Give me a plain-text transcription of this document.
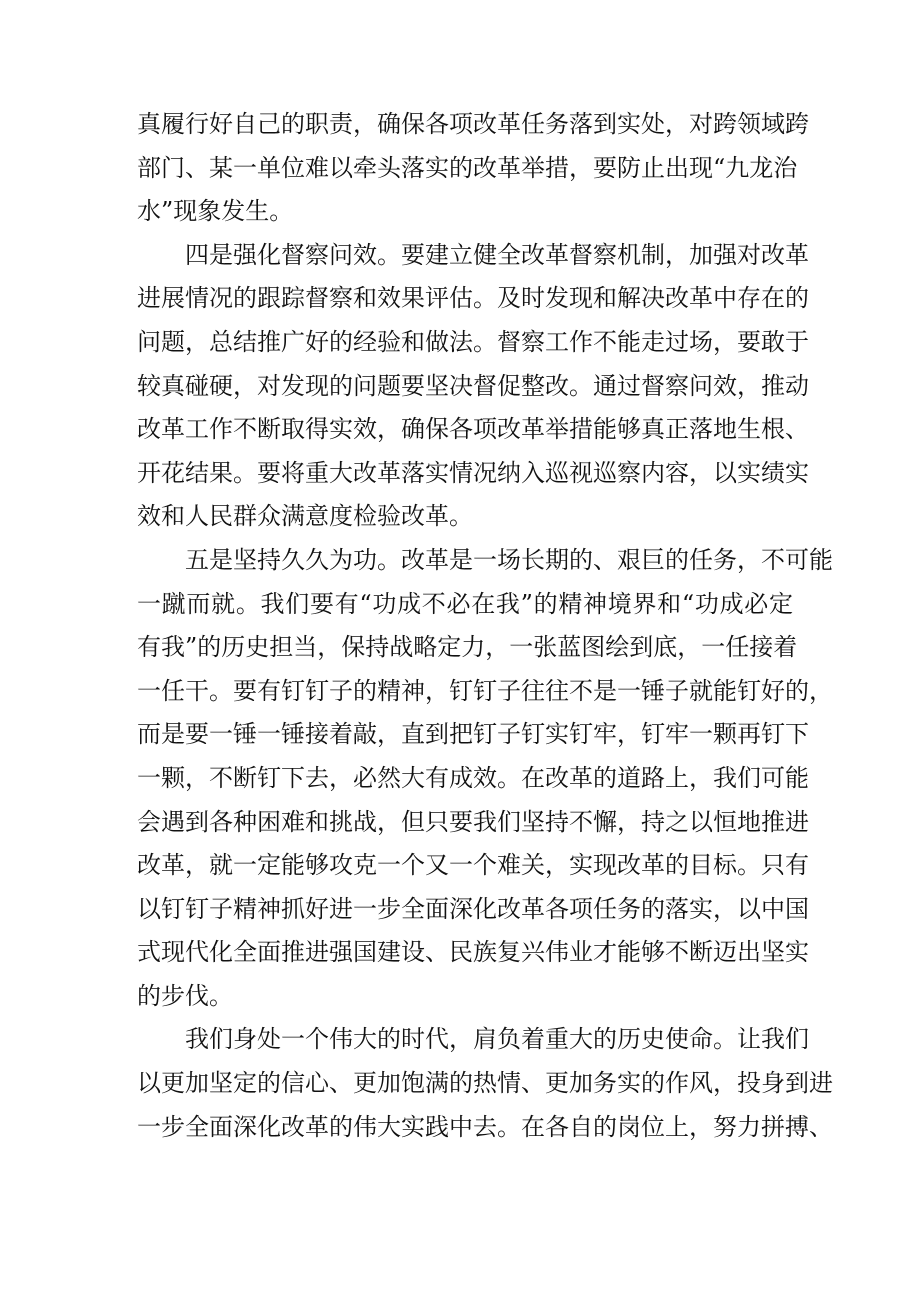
真履行好自己的职责，确保各项改革任务落到实处，对跨领域跨
部门、某一单位难以牵头落实的改革举措，要防止出现“九龙治
水”现象发生。
四是强化督察问效。要建立健全改革督察机制，加强对改革
进展情况的跟踪督察和效果评估。及时发现和解决改革中存在的
问题，总结推广好的经验和做法。督察工作不能走过场，要敢于
较真碰硬，对发现的问题要坚决督促整改。通过督察问效，推动
改革工作不断取得实效，确保各项改革举措能够真正落地生根、
开花结果。要将重大改革落实情况纳入巡视巡察内容，以实绩实
效和人民群众满意度检验改革。
五是坚持久久为功。改革是一场长期的、艰巨的任务，不可能
一蹴而就。我们要有“功成不必在我”的精神境界和“功成必定
有我”的历史担当，保持战略定力，一张蓝图绘到底，一任接着
一任干。要有钉钉子的精神，钉钉子往往不是一锤子就能钉好的，
而是要一锤一锤接着敲，直到把钉子钉实钉牢，钉牢一颗再钉下
一颗，不断钉下去，必然大有成效。在改革的道路上，我们可能
会遇到各种困难和挑战，但只要我们坚持不懈，持之以恒地推进
改革，就一定能够攻克一个又一个难关，实现改革的目标。只有
以钉钉子精神抓好进一步全面深化改革各项任务的落实，以中国
式现代化全面推进强国建设、民族复兴伟业才能够不断迈出坚实
的步伐。
我们身处一个伟大的时代，肩负着重大的历史使命。让我们
以更加坚定的信心、更加饱满的热情、更加务实的作风，投身到进
一步全面深化改革的伟大实践中去。在各自的岗位上，努力拼搏、
